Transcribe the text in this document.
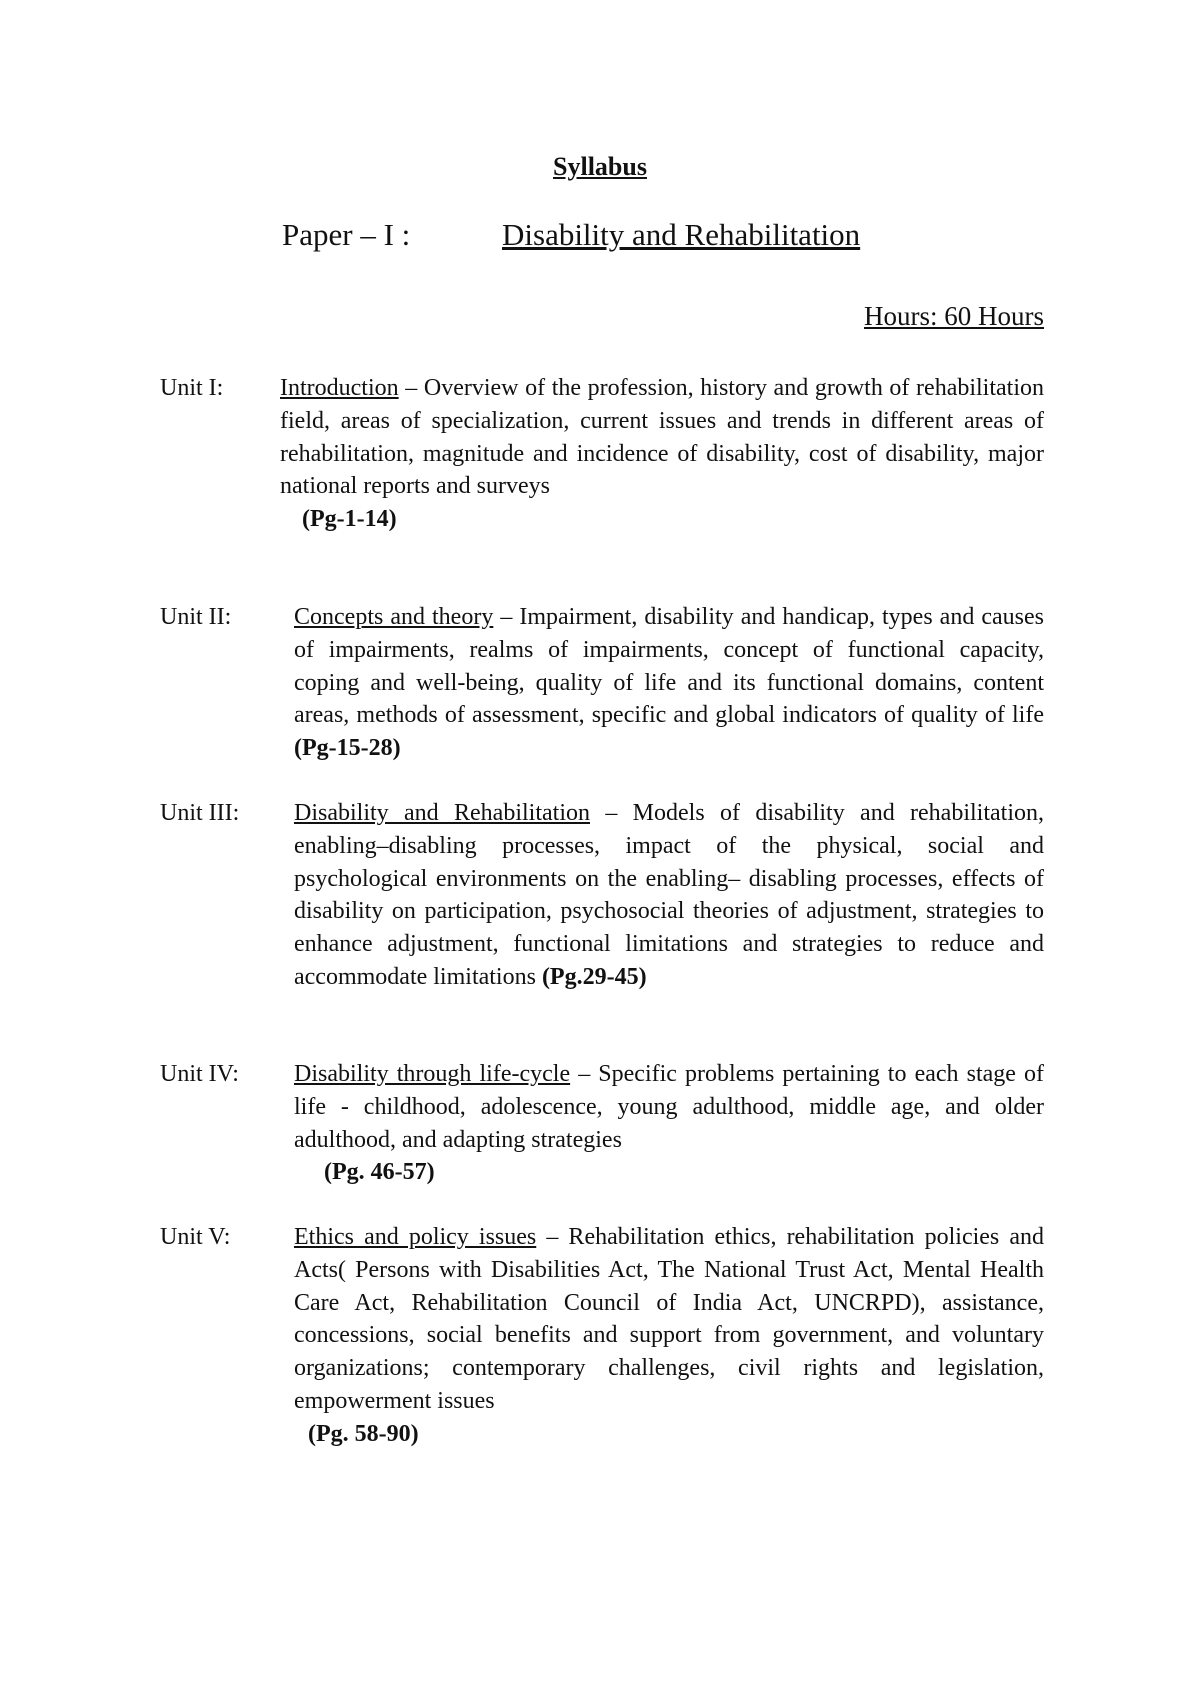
Syllabus
Paper – I :	Disability and Rehabilitation
Hours: 60 Hours
Unit I: Introduction – Overview of the profession, history and growth of rehabilitation field, areas of specialization, current issues and trends in different areas of rehabilitation, magnitude and incidence of disability, cost of disability, major national reports and surveys
(Pg-1-14)
Unit II:	Concepts and theory – Impairment, disability and handicap, types and causes of impairments, realms of impairments, concept of functional capacity, coping and well-being, quality of life and its functional domains, content areas, methods of assessment, specific and global indicators of quality of life (Pg-15-28)
Unit III: Disability and Rehabilitation – Models of disability and rehabilitation, enabling–disabling processes, impact of the physical, social and psychological environments on the enabling– disabling processes, effects of disability on participation, psychosocial theories of adjustment, strategies to enhance adjustment, functional limitations and strategies to reduce and accommodate limitations (Pg.29-45)
Unit IV: Disability through life-cycle – Specific problems pertaining to each stage of life - childhood, adolescence, young adulthood, middle age, and older adulthood, and adapting strategies
(Pg. 46-57)
Unit V:	Ethics and policy issues – Rehabilitation ethics, rehabilitation policies and Acts( Persons with Disabilities Act, The National Trust Act, Mental Health Care Act, Rehabilitation Council of India Act, UNCRPD), assistance, concessions, social benefits and support from government, and voluntary organizations; contemporary challenges, civil rights and legislation, empowerment issues
(Pg. 58-90)
